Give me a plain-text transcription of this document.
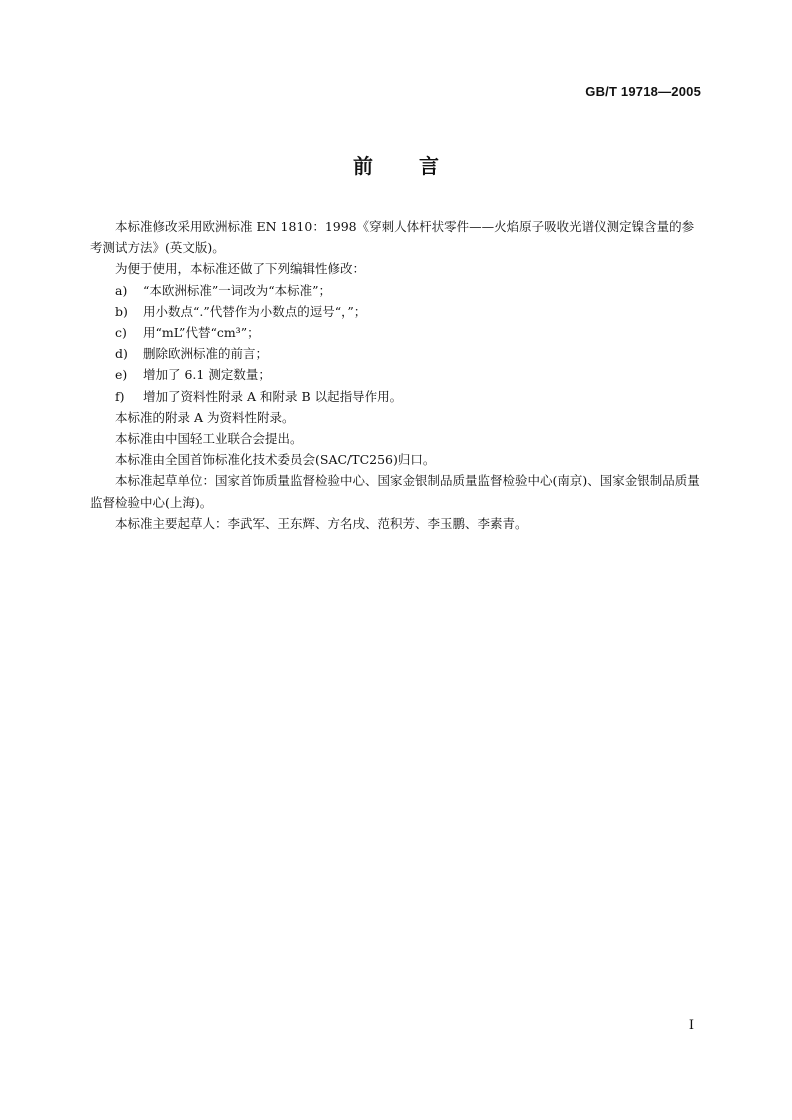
GB/T 19718—2005
前 言

本标准修改采用欧洲标准 EN 1810：1998《穿刺人体杆状零件——火焰原子吸收光谱仪测定镍含量的参考测试方法》(英文版)。

为便于使用，本标准还做了下列编辑性修改：

a)	“本欧洲标准”一词改为“本标准”；
b)	用小数点“.”代替作为小数点的逗号“，”；
c)	用“mL”代替“cm³”；
d)	删除欧洲标准的前言；
e)	增加了 6.1 测定数量；
f)	增加了资料性附录 A 和附录 B 以起指导作用。

本标准的附录 A 为资料性附录。

本标准由中国轻工业联合会提出。

本标准由全国首饰标准化技术委员会(SAC/TC256)归口。

本标准起草单位：国家首饰质量监督检验中心、国家金银制品质量监督检验中心(南京)、国家金银制品质量监督检验中心(上海)。

本标准主要起草人：李武军、王东辉、方名戌、范积芳、李玉鹏、李素青。

I
